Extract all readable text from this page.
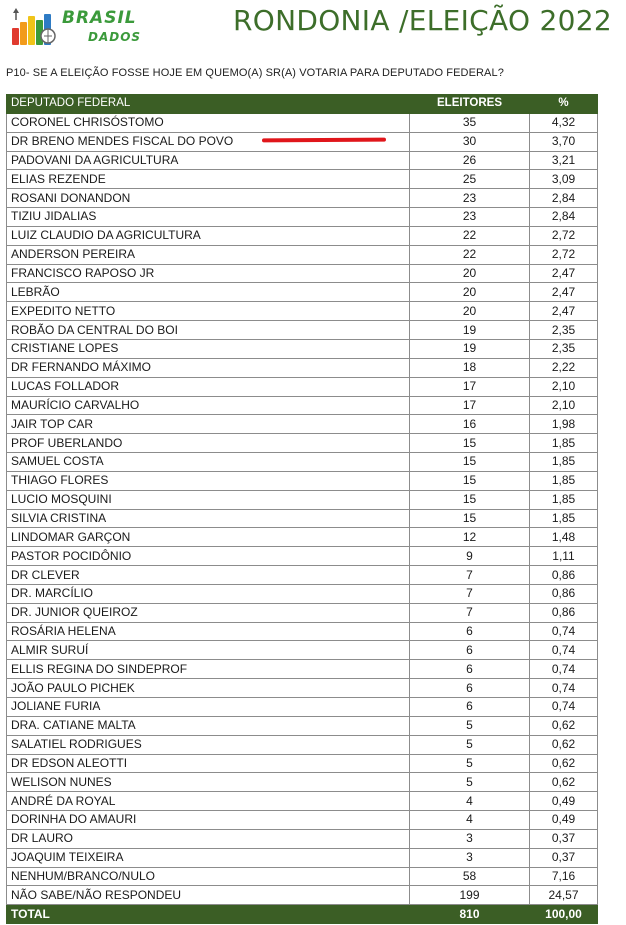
BRASIL
DADOS	RONDONIA /ELEIÇÃO 2022
P10- SE A ELEIÇÃO FOSSE HOJE EM QUEMO(A) SR(A) VOTARIA PARA DEPUTADO FEDERAL?
DEPUTADO FEDERAL	ELEITORES	%
CORONEL CHRISÓSTOMO	35	4,32
DR BRENO MENDES FISCAL DO POVO	30	3,70
PADOVANI DA AGRICULTURA	26	3,21
ELIAS REZENDE	25	3,09
ROSANI DONANDON	23	2,84
TIZIU JIDALIAS	23	2,84
LUIZ CLAUDIO DA AGRICULTURA	22	2,72
ANDERSON PEREIRA	22	2,72
FRANCISCO RAPOSO JR	20	2,47
LEBRÃO	20	2,47
EXPEDITO NETTO	20	2,47
ROBÃO DA CENTRAL DO BOI	19	2,35
CRISTIANE LOPES	19	2,35
DR FERNANDO MÁXIMO	18	2,22
LUCAS FOLLADOR	17	2,10
MAURÍCIO CARVALHO	17	2,10
JAIR TOP CAR	16	1,98
PROF UBERLANDO	15	1,85
SAMUEL COSTA	15	1,85
THIAGO FLORES	15	1,85
LUCIO MOSQUINI	15	1,85
SILVIA CRISTINA	15	1,85
LINDOMAR GARÇON	12	1,48
PASTOR POCIDÔNIO	9	1,11
DR CLEVER	7	0,86
DR. MARCÍLIO	7	0,86
DR. JUNIOR QUEIROZ	7	0,86
ROSÁRIA HELENA	6	0,74
ALMIR SURUÍ	6	0,74
ELLIS REGINA DO SINDEPROF	6	0,74
JOÃO PAULO PICHEK	6	0,74
JOLIANE FURIA	6	0,74
DRA. CATIANE MALTA	5	0,62
SALATIEL RODRIGUES	5	0,62
DR EDSON ALEOTTI	5	0,62
WELISON NUNES	5	0,62
ANDRÉ DA ROYAL	4	0,49
DORINHA DO AMAURI	4	0,49
DR LAURO	3	0,37
JOAQUIM TEIXEIRA	3	0,37
NENHUM/BRANCO/NULO	58	7,16
NÃO SABE/NÃO RESPONDEU	199	24,57
TOTAL	810	100,00
